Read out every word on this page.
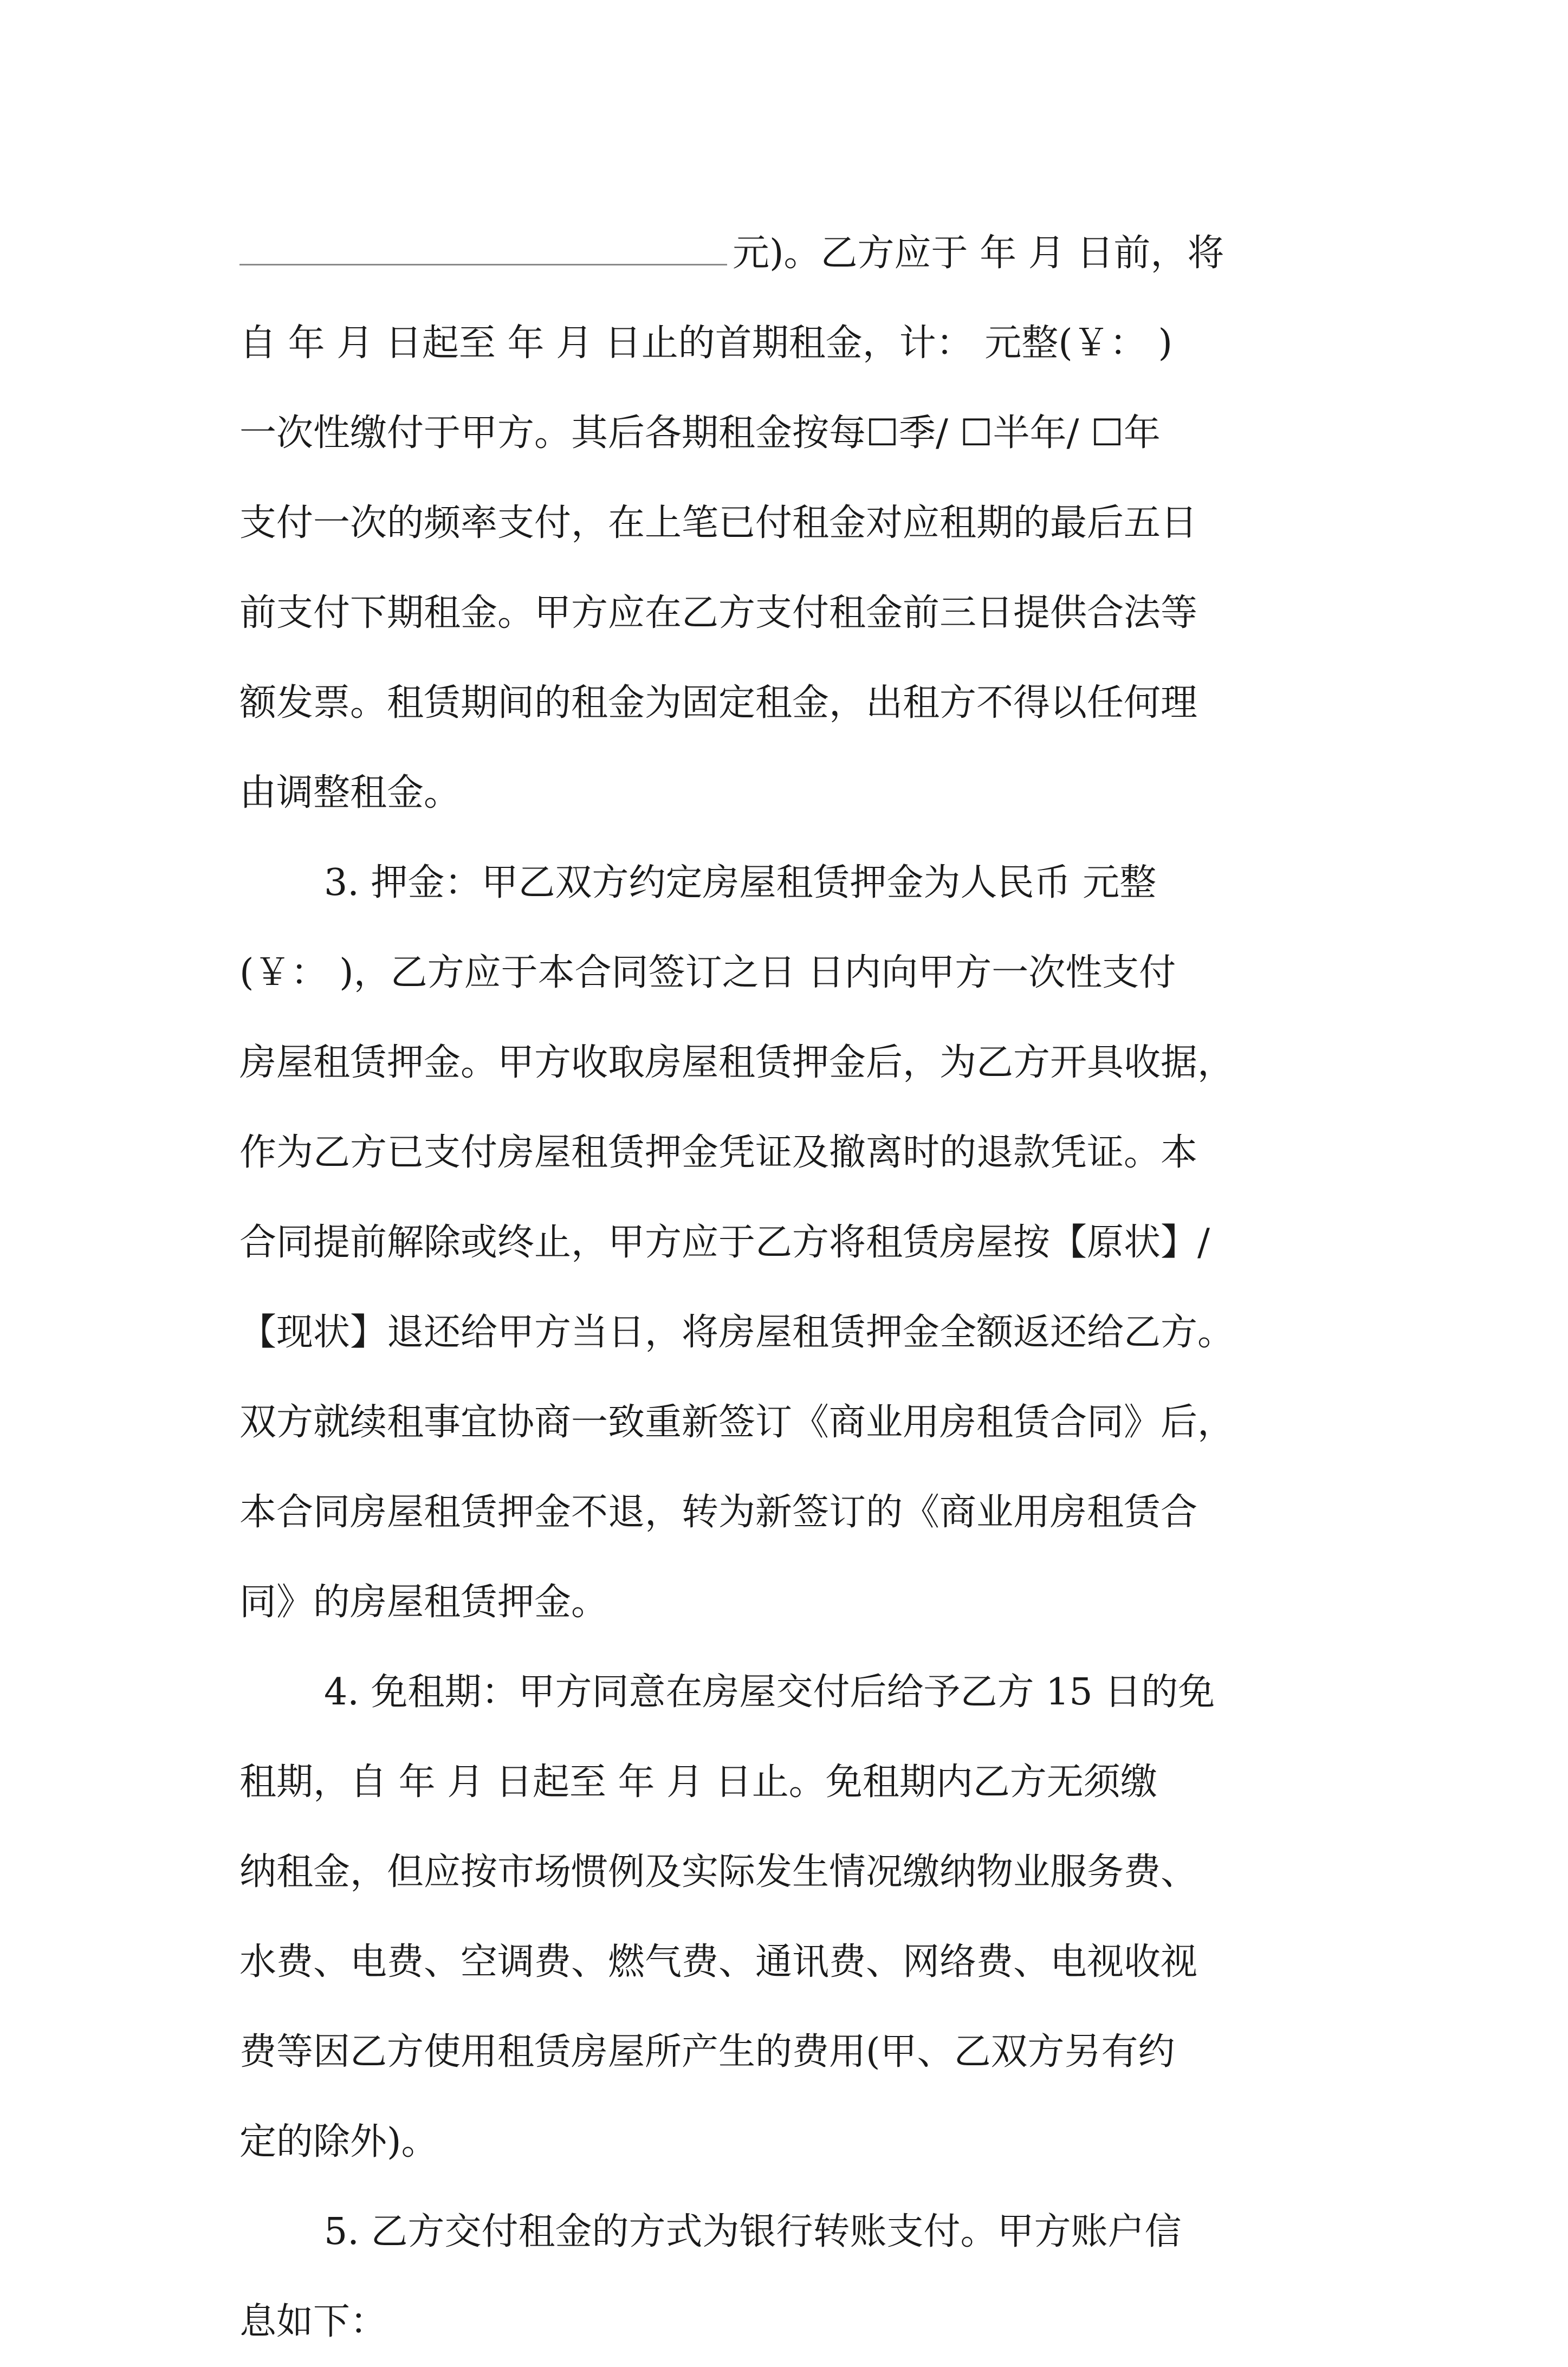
元)。乙方应于 年 月 日前，将
自 年 月 日起至 年 月 日止的首期租金，计： 元整(￥： )
一次性缴付于甲方。其后各期租金按每☐季/ ☐半年/ ☐年
支付一次的频率支付，在上笔已付租金对应租期的最后五日
前支付下期租金。甲方应在乙方支付租金前三日提供合法等
额发票。租赁期间的租金为固定租金，出租方不得以任何理
由调整租金。
3. 押金：甲乙双方约定房屋租赁押金为人民币 元整
(￥： )，乙方应于本合同签订之日 日内向甲方一次性支付
房屋租赁押金。甲方收取房屋租赁押金后，为乙方开具收据，
作为乙方已支付房屋租赁押金凭证及撤离时的退款凭证。本
合同提前解除或终止，甲方应于乙方将租赁房屋按【原状】/
【现状】退还给甲方当日，将房屋租赁押金全额返还给乙方。
双方就续租事宜协商一致重新签订《商业用房租赁合同》后，
本合同房屋租赁押金不退，转为新签订的《商业用房租赁合
同》的房屋租赁押金。
4. 免租期：甲方同意在房屋交付后给予乙方 15 日的免
租期，自 年 月 日起至 年 月 日止。免租期内乙方无须缴
纳租金，但应按市场惯例及实际发生情况缴纳物业服务费、
水费、电费、空调费、燃气费、通讯费、网络费、电视收视
费等因乙方使用租赁房屋所产生的费用(甲、乙双方另有约
定的除外)。
5. 乙方交付租金的方式为银行转账支付。甲方账户信
息如下：
